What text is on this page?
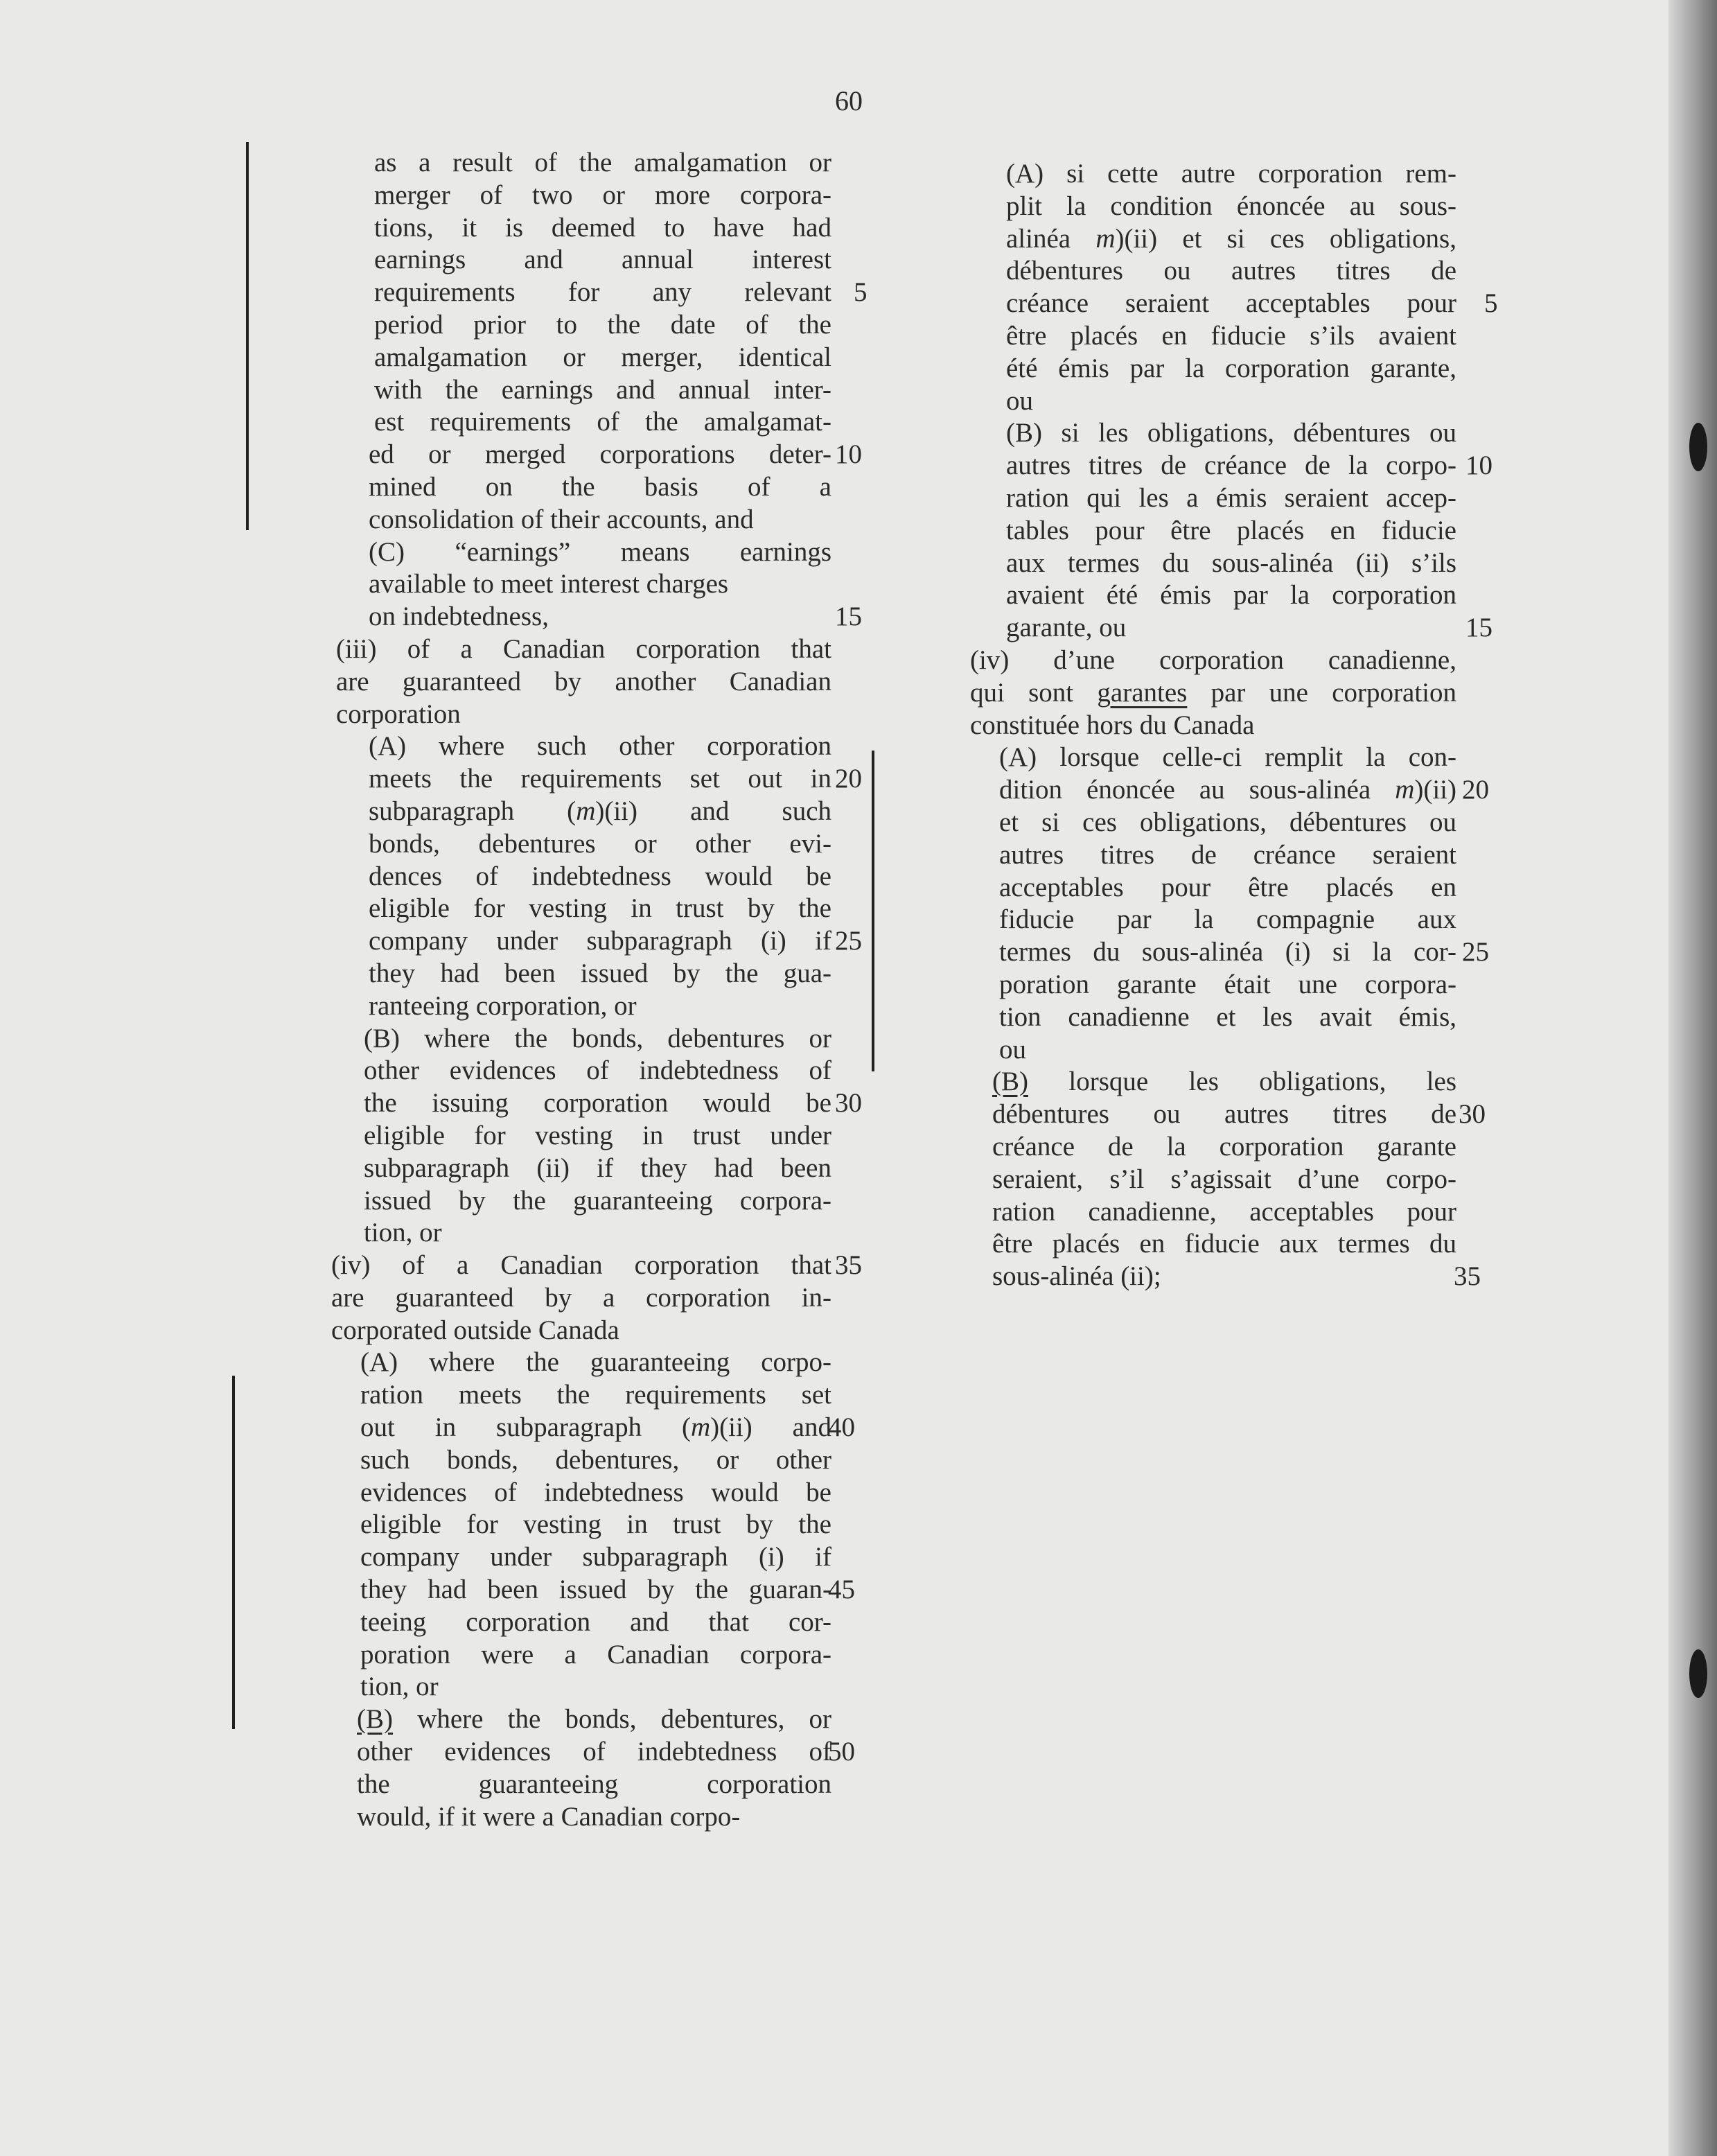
60
as a result of the amalgamation or
merger of two or more corpora-
tions, it is deemed to have had
earnings and annual interest
requirements for any relevant
period prior to the date of the
amalgamation or merger, identical
with the earnings and annual inter-
est requirements of the amalgamat-
ed or merged corporations deter-
mined on the basis of a
consolidation of their accounts, and
(C) “earnings” means earnings
available to meet interest charges
on indebtedness,
(iii) of a Canadian corporation that
are guaranteed by another Canadian
corporation
(A) where such other corporation
meets the requirements set out in
subparagraph (m)(ii) and such
bonds, debentures or other evi-
dences of indebtedness would be
eligible for vesting in trust by the
company under subparagraph (i) if
they had been issued by the gua-
ranteeing corporation, or
(B) where the bonds, debentures or
other evidences of indebtedness of
the issuing corporation would be
eligible for vesting in trust under
subparagraph (ii) if they had been
issued by the guaranteeing corpora-
tion, or
(iv) of a Canadian corporation that
are guaranteed by a corporation in-
corporated outside Canada
(A) where the guaranteeing corpo-
ration meets the requirements set
out in subparagraph (m)(ii) and
such bonds, debentures, or other
evidences of indebtedness would be
eligible for vesting in trust by the
company under subparagraph (i) if
they had been issued by the guaran-
teeing corporation and that cor-
poration were a Canadian corpora-
tion, or
(B) where the bonds, debentures, or
other evidences of indebtedness of
the guaranteeing corporation
would, if it were a Canadian corpo-
5
10
15
20
25
30
35
40
45
50
(A) si cette autre corporation rem-
plit la condition énoncée au sous-
alinéa m)(ii) et si ces obligations,
débentures ou autres titres de
créance seraient acceptables pour
être placés en fiducie s’ils avaient
été émis par la corporation garante,
ou
(B) si les obligations, débentures ou
autres titres de créance de la corpo-
ration qui les a émis seraient accep-
tables pour être placés en fiducie
aux termes du sous-alinéa (ii) s’ils
avaient été émis par la corporation
garante, ou
(iv) d’une corporation canadienne,
qui sont garantes par une corporation
constituée hors du Canada
(A) lorsque celle-ci remplit la con-
dition énoncée au sous-alinéa m)(ii)
et si ces obligations, débentures ou
autres titres de créance seraient
acceptables pour être placés en
fiducie par la compagnie aux
termes du sous-alinéa (i) si la cor-
poration garante était une corpora-
tion canadienne et les avait émis,
ou
(B) lorsque les obligations, les
débentures ou autres titres de
créance de la corporation garante
seraient, s’il s’agissait d’une corpo-
ration canadienne, acceptables pour
être placés en fiducie aux termes du
sous-alinéa (ii);
5
10
15
20
25
30
35
